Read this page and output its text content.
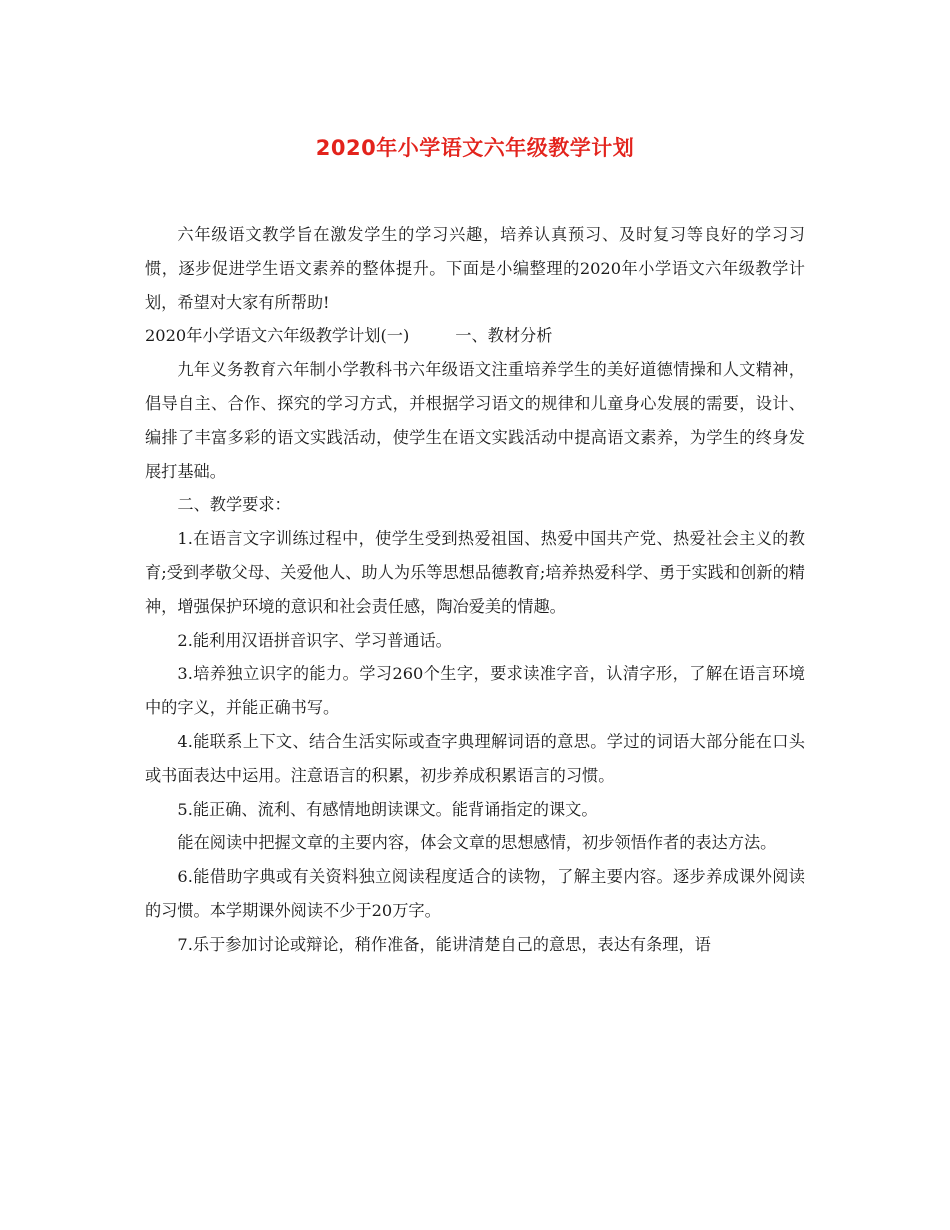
2020年小学语文六年级教学计划

六年级语文教学旨在激发学生的学习兴趣，培养认真预习、及时复习等良好的学习习惯，逐步促进学生语文素养的整体提升。下面是小编整理的2020年小学语文六年级教学计划，希望对大家有所帮助!

2020年小学语文六年级教学计划(一)	一、教材分析

九年义务教育六年制小学教科书六年级语文注重培养学生的美好道德情操和人文精神，倡导自主、合作、探究的学习方式，并根据学习语文的规律和儿童身心发展的需要，设计、编排了丰富多彩的语文实践活动，使学生在语文实践活动中提高语文素养，为学生的终身发展打基础。

二、教学要求：

1.在语言文字训练过程中，使学生受到热爱祖国、热爱中国共产党、热爱社会主义的教育;受到孝敬父母、关爱他人、助人为乐等思想品德教育;培养热爱科学、勇于实践和创新的精神，增强保护环境的意识和社会责任感，陶冶爱美的情趣。

2.能利用汉语拼音识字、学习普通话。

3.培养独立识字的能力。学习260个生字，要求读准字音，认清字形，了解在语言环境中的字义，并能正确书写。

4.能联系上下文、结合生活实际或查字典理解词语的意思。学过的词语大部分能在口头或书面表达中运用。注意语言的积累，初步养成积累语言的习惯。

5.能正确、流利、有感情地朗读课文。能背诵指定的课文。

能在阅读中把握文章的主要内容，体会文章的思想感情，初步领悟作者的表达方法。

6.能借助字典或有关资料独立阅读程度适合的读物，了解主要内容。逐步养成课外阅读的习惯。本学期课外阅读不少于20万字。

7.乐于参加讨论或辩论，稍作准备，能讲清楚自己的意思，表达有条理，语
